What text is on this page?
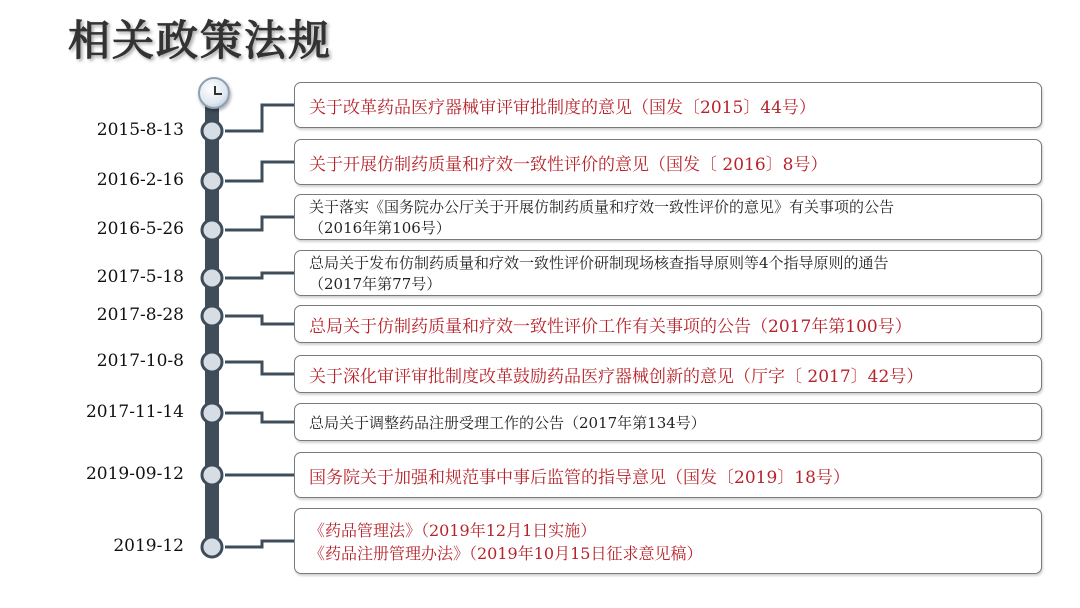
相关政策法规
2015-8-13
关于改革药品医疗器械审评审批制度的意见（国发〔2015〕44号）
2016-2-16
关于开展仿制药质量和疗效一致性评价的意见（国发〔 2016〕8号）
2016-5-26
关于落实《国务院办公厅关于开展仿制药质量和疗效一致性评价的意见》有关事项的公告
（2016年第106号）
2017-5-18
总局关于发布仿制药质量和疗效一致性评价研制现场核查指导原则等4个指导原则的通告
（2017年第77号）
2017-8-28
总局关于仿制药质量和疗效一致性评价工作有关事项的公告（2017年第100号）
2017-10-8
关于深化审评审批制度改革鼓励药品医疗器械创新的意见（厅字〔 2017〕42号）
2017-11-14
总局关于调整药品注册受理工作的公告（2017年第134号）
2019-09-12	国务院关于加强和规范事中事后监管的指导意见（国发〔2019〕18号）
2019-12
《药品管理法》（2019年12月1日实施）
《药品注册管理办法》（2019年10月15日征求意见稿）
